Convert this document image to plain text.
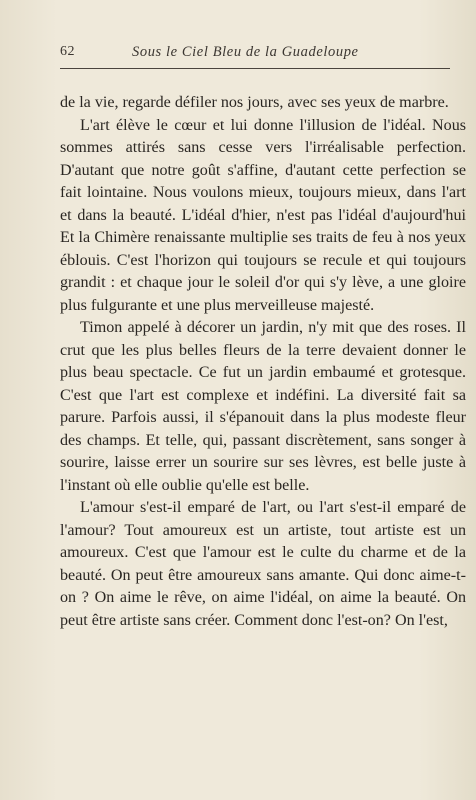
62	Sous le Ciel Bleu de la Guadeloupe

de la vie, regarde défiler nos jours, avec ses yeux de marbre.

L'art élève le cœur et lui donne l'illusion de l'idéal. Nous sommes attirés sans cesse vers l'irréalisable perfection. D'autant que notre goût s'affine, d'autant cette perfection se fait lointaine. Nous voulons mieux, toujours mieux, dans l'art et dans la beauté. L'idéal d'hier, n'est pas l'idéal d'aujourd'hui Et la Chimère renaissante multiplie ses traits de feu à nos yeux éblouis. C'est l'horizon qui toujours se recule et qui toujours grandit : et chaque jour le soleil d'or qui s'y lève, a une gloire plus fulgurante et une plus merveilleuse majesté.

Timon appelé à décorer un jardin, n'y mit que des roses. Il crut que les plus belles fleurs de la terre devaient donner le plus beau spectacle. Ce fut un jardin embaumé et grotesque. C'est que l'art est complexe et indéfini. La diversité fait sa parure. Parfois aussi, il s'épanouit dans la plus modeste fleur des champs. Et telle, qui, passant discrètement, sans songer à sourire, laisse errer un sourire sur ses lèvres, est belle juste à l'instant où elle oublie qu'elle est belle.

L'amour s'est-il emparé de l'art, ou l'art s'est-il emparé de l'amour? Tout amoureux est un artiste, tout artiste est un amoureux. C'est que l'amour est le culte du charme et de la beauté. On peut être amoureux sans amante. Qui donc aime-t-on ? On aime le rêve, on aime l'idéal, on aime la beauté. On peut être artiste sans créer. Comment donc l'est-on? On l'est,
